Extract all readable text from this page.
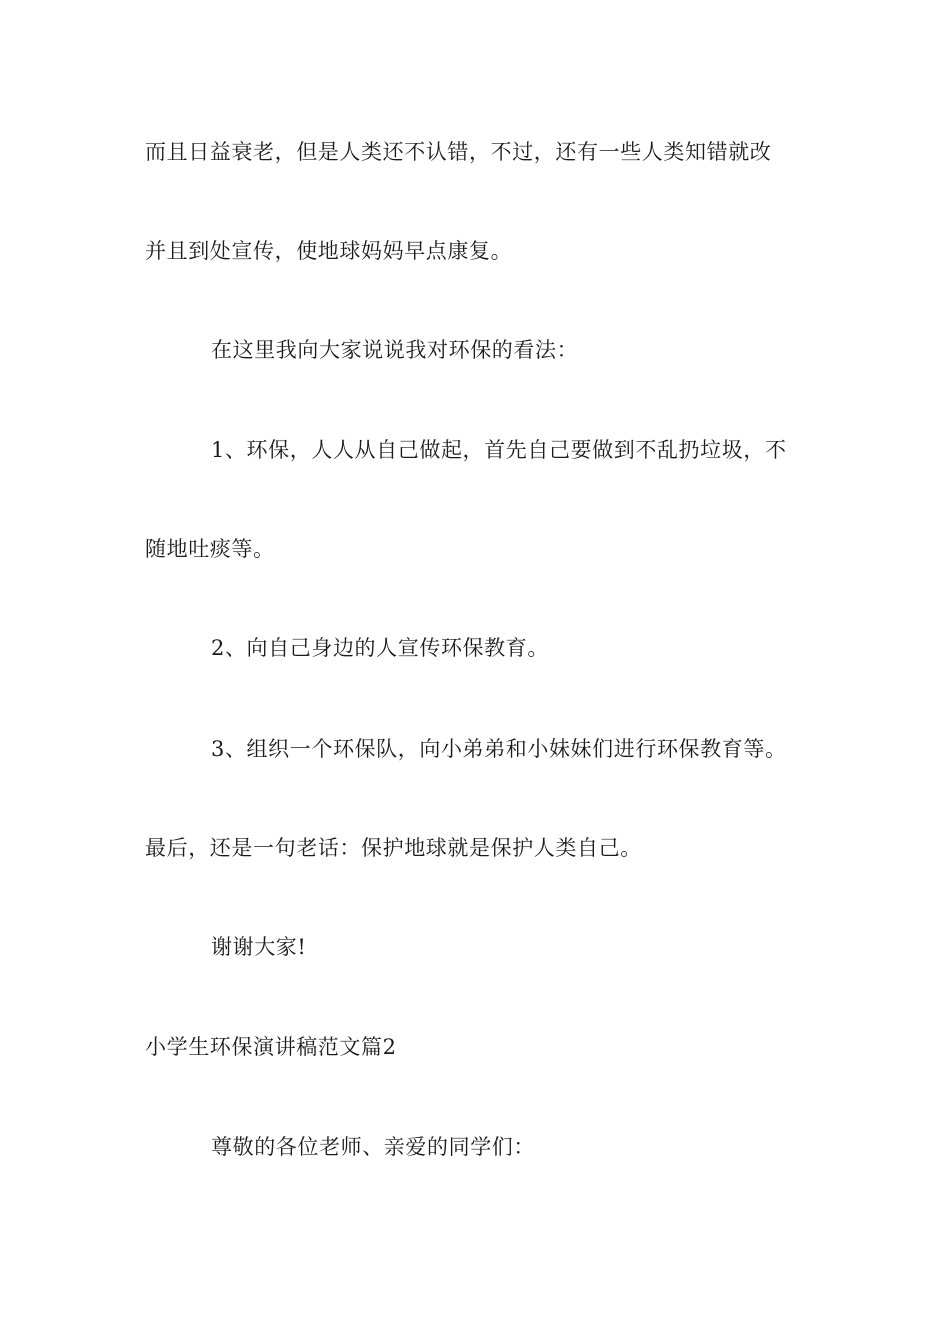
而且日益衰老，但是人类还不认错，不过，还有一些人类知错就改
并且到处宣传，使地球妈妈早点康复。
在这里我向大家说说我对环保的看法：
1、环保，人人从自己做起，首先自己要做到不乱扔垃圾，不
随地吐痰等。
2、向自己身边的人宣传环保教育。
3、组织一个环保队，向小弟弟和小妹妹们进行环保教育等。
最后，还是一句老话：保护地球就是保护人类自己。
谢谢大家!
小学生环保演讲稿范文篇2
尊敬的各位老师、亲爱的同学们：
